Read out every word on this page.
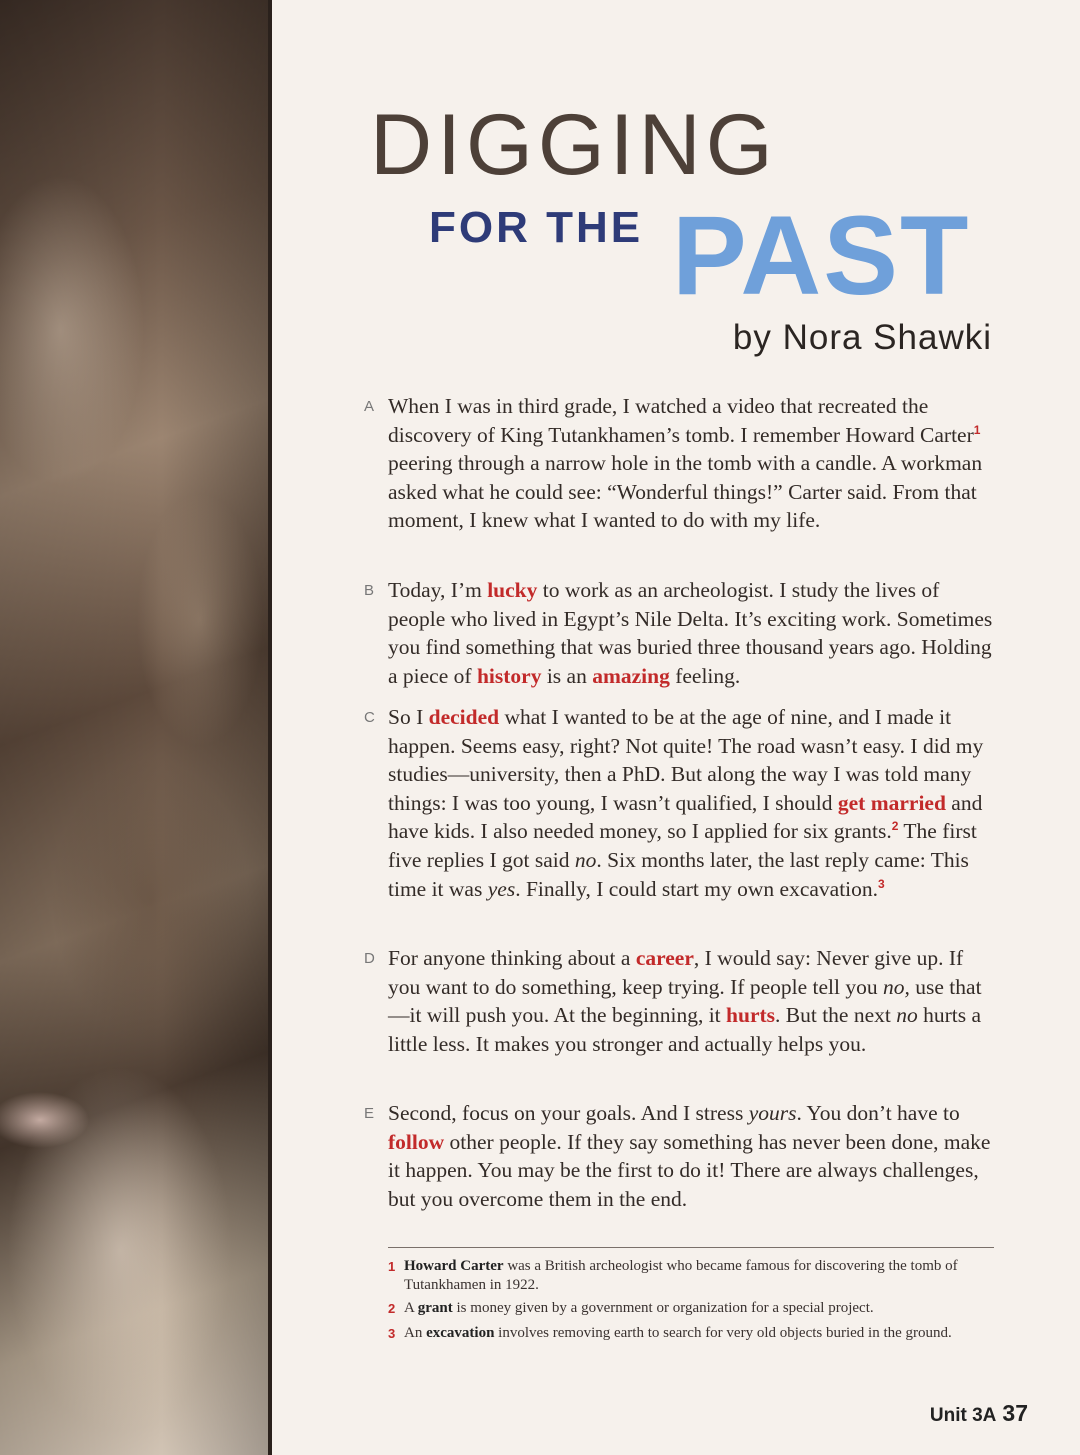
DIGGING
FOR THE PAST
by Nora Shawki
A When I was in third grade, I watched a video that recreated the discovery of King Tutankhamen’s tomb. I remember Howard Carter$^1$ peering through a narrow hole in the tomb with a candle. A workman asked what he could see: “Wonderful things!” Carter said. From that moment, I knew what I wanted to do with my life.
B Today, I’m lucky to work as an archeologist. I study the lives of people who lived in Egypt’s Nile Delta. It’s exciting work. Sometimes you find something that was buried three thousand years ago. Holding a piece of history is an amazing feeling.
C So I decided what I wanted to be at the age of nine, and I made it happen. Seems easy, right? Not quite! The road wasn’t easy. I did my studies—university, then a PhD. But along the way I was told many things: I was too young, I wasn’t qualified, I should get married and have kids. I also needed money, so I applied for six grants.$^2$ The first five replies I got said no. Six months later, the last reply came: This time it was yes. Finally, I could start my own excavation.$^3$
D For anyone thinking about a career, I would say: Never give up. If you want to do something, keep trying. If people tell you no, use that—it will push you. At the beginning, it hurts. But the next no hurts a little less. It makes you stronger and actually helps you.
E Second, focus on your goals. And I stress yours. You don’t have to follow other people. If they say something has never been done, make it happen. You may be the first to do it! There are always challenges, but you overcome them in the end.
1 Howard Carter was a British archeologist who became famous for discovering the tomb of Tutankhamen in 1922.
2 A grant is money given by a government or organization for a special project.
3 An excavation involves removing earth to search for very old objects buried in the ground.
Unit 3A 37
